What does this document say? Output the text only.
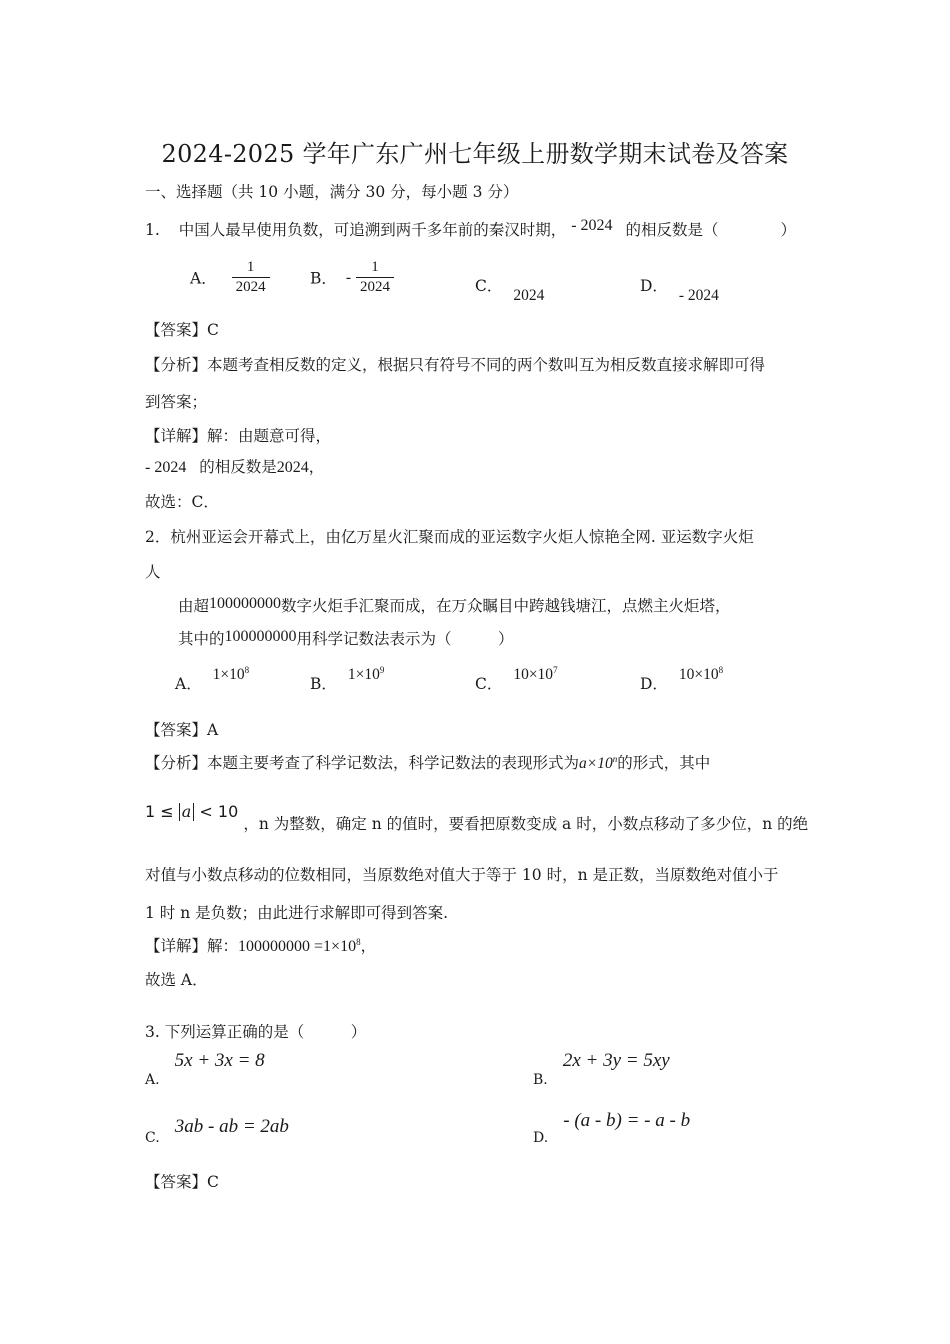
2024-2025 学年广东广州七年级上册数学期末试卷及答案
一、选择题（共 10 小题，满分 30 分，每小题 3 分）
1. 中国人最早使用负数，可追溯到两千多年前的秦汉时期， - 2024 的相反数是（　　　　）
A． $\frac{1}{2024}$	B． - $\frac{1}{2024}$	C． 2024
D． - 2024
【答案】C
【分析】本题考查相反数的定义，根据只有符号不同的两个数叫互为相反数直接求解即可得
到答案；
【详解】解：由题意可得，
- 2024 的相反数是2024，
故选：C．
2．杭州亚运会开幕式上，由亿万星火汇聚而成的亚运数字火炬人惊艳全网. 亚运数字火炬
人
由超100000000数字火炬手汇聚而成，在万众瞩目中跨越钱塘江，点燃主火炬塔，
其中的100000000用科学记数法表示为（　　　）
A． $1\times 10^8$
B． $1\times 10^9$
C． $10\times 10^7$
D． $10\times 10^8$
【答案】A
【分析】本题主要考查了科学记数法，科学记数法的表现形式为$a\times 10^n$的形式，其中
1 ≤ a < 10 ，n 为整数，确定 n 的值时，要看把原数变成 a 时，小数点移动了多少位，n 的绝
对值与小数点移动的位数相同，当原数绝对值大于等于 10 时，n 是正数，当原数绝对值小于
1 时 n 是负数；由此进行求解即可得到答案.
【详解】解：$100000000 =1\times 10^8$，
故选 A．
3. 下列运算正确的是（　　　）
A. 5x + 3x = 8
B. 2x + 3y = 5xy
C. 3ab - ab = 2ab
D. - (a - b) = - a - b
【答案】C
